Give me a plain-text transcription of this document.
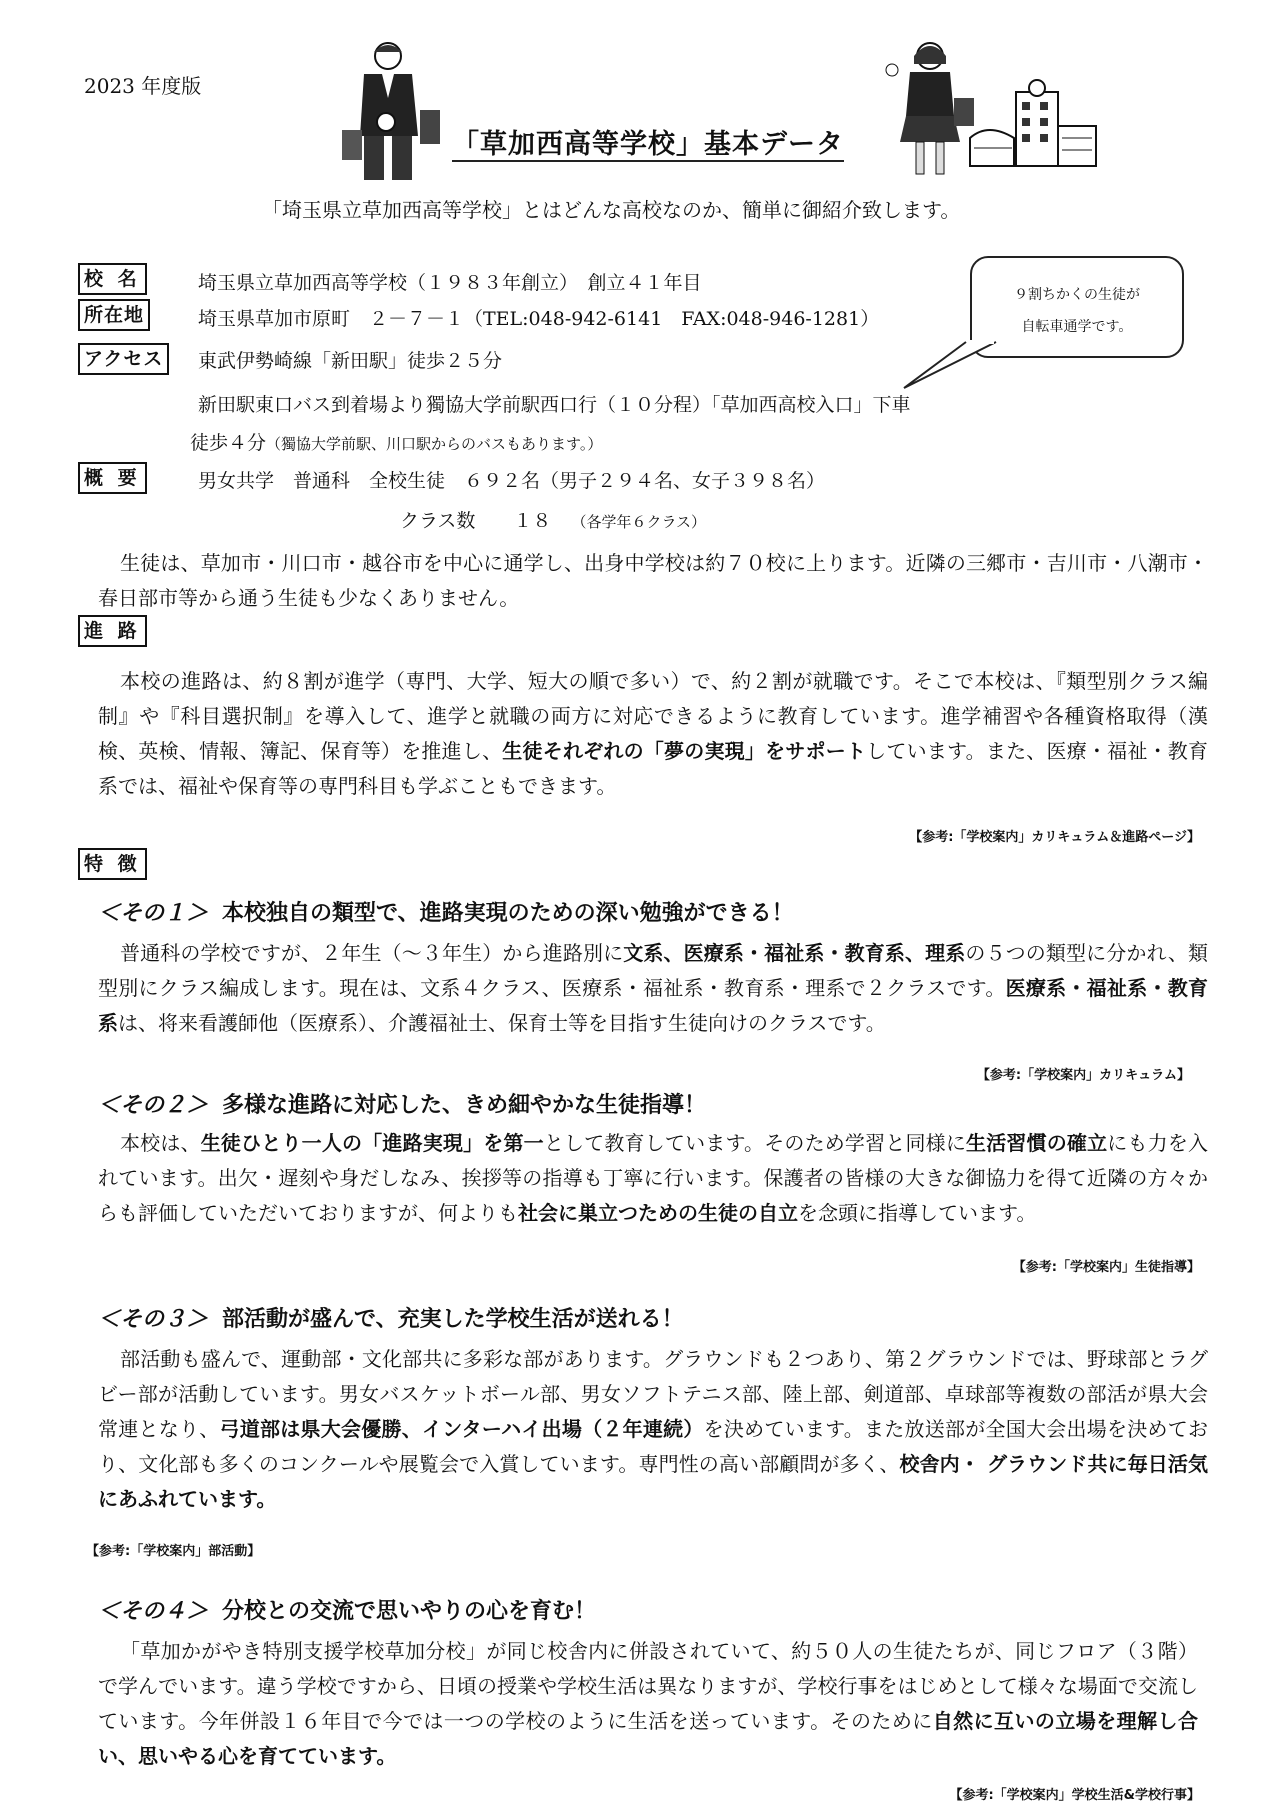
2023 年度版
「草加西高等学校」基本データ
「埼玉県立草加西高等学校」とはどんな高校なのか、簡単に御紹介致します。
９割ちかくの生徒が
自転車通学です。
校 名	埼玉県立草加西高等学校（１９８３年創立）　創立４１年目
所在地	埼玉県草加市原町　２－７－１（TEL:048-942-6141　FAX:048-946-1281）
アクセス	東武伊勢崎線「新田駅」徒歩２５分
新田駅東口バス到着場より獨協大学前駅西口行（１０分程）「草加西高校入口」下車
徒歩４分（獨協大学前駅、川口駅からのバスもあります。）
概 要	男女共学　普通科　全校生徒　６９２名（男子２９４名、女子３９８名）
クラス数　　１８ （各学年６クラス）
生徒は、草加市・川口市・越谷市を中心に通学し、出身中学校は約７０校に上ります。近隣の三郷市・吉川市・八潮市・春日部市等から通う生徒も少なくありません。
進 路
本校の進路は、約８割が進学（専門、大学、短大の順で多い）で、約２割が就職です。そこで本校は、『類型別クラス編制』や『科目選択制』を導入して、進学と就職の両方に対応できるように教育しています。進学補習や各種資格取得（漢検、英検、情報、簿記、保育等）を推進し、生徒それぞれの「夢の実現」をサポートしています。また、医療・福祉・教育系では、福祉や保育等の専門科目も学ぶこともできます。
【参考:「学校案内」カリキュラム＆進路ページ】
特 徴
＜その１＞ 本校独自の類型で、進路実現のための深い勉強ができる！
普通科の学校ですが、２年生（～３年生）から進路別に文系、医療系・福祉系・教育系、理系の５つの類型に分かれ、類型別にクラス編成します。現在は、文系４クラス、医療系・福祉系・教育系・理系で２クラスです。医療系・福祉系・教育系は、将来看護師他（医療系）、介護福祉士、保育士等を目指す生徒向けのクラスです。
【参考:「学校案内」カリキュラム】
＜その２＞ 多様な進路に対応した、きめ細やかな生徒指導！
本校は、生徒ひとり一人の「進路実現」を第一として教育しています。そのため学習と同様に生活習慣の確立にも力を入れています。出欠・遅刻や身だしなみ、挨拶等の指導も丁寧に行います。保護者の皆様の大きな御協力を得て近隣の方々からも評価していただいておりますが、何よりも社会に巣立つための生徒の自立を念頭に指導しています。
【参考:「学校案内」生徒指導】
＜その３＞ 部活動が盛んで、充実した学校生活が送れる！
部活動も盛んで、運動部・文化部共に多彩な部があります。グラウンドも２つあり、第２グラウンドでは、野球部とラグビー部が活動しています。男女バスケットボール部、男女ソフトテニス部、陸上部、剣道部、卓球部等複数の部活が県大会常連となり、弓道部は県大会優勝、インターハイ出場（２年連続）を決めています。また放送部が全国大会出場を決めており、文化部も多くのコンクールや展覧会で入賞しています。専門性の高い部顧問が多く、校舎内・ グラウンド共に毎日活気にあふれています。
【参考:「学校案内」部活動】
＜その４＞ 分校との交流で思いやりの心を育む！
「草加かがやき特別支援学校草加分校」が同じ校舎内に併設されていて、約５０人の生徒たちが、同じフロア（３階）で学んでいます。違う学校ですから、日頃の授業や学校生活は異なりますが、学校行事をはじめとして様々な場面で交流しています。今年併設１６年目で今では一つの学校のように生活を送っています。そのために自然に互いの立場を理解し合い、思いやる心を育てています。
【参考:「学校案内」学校生活&学校行事】
